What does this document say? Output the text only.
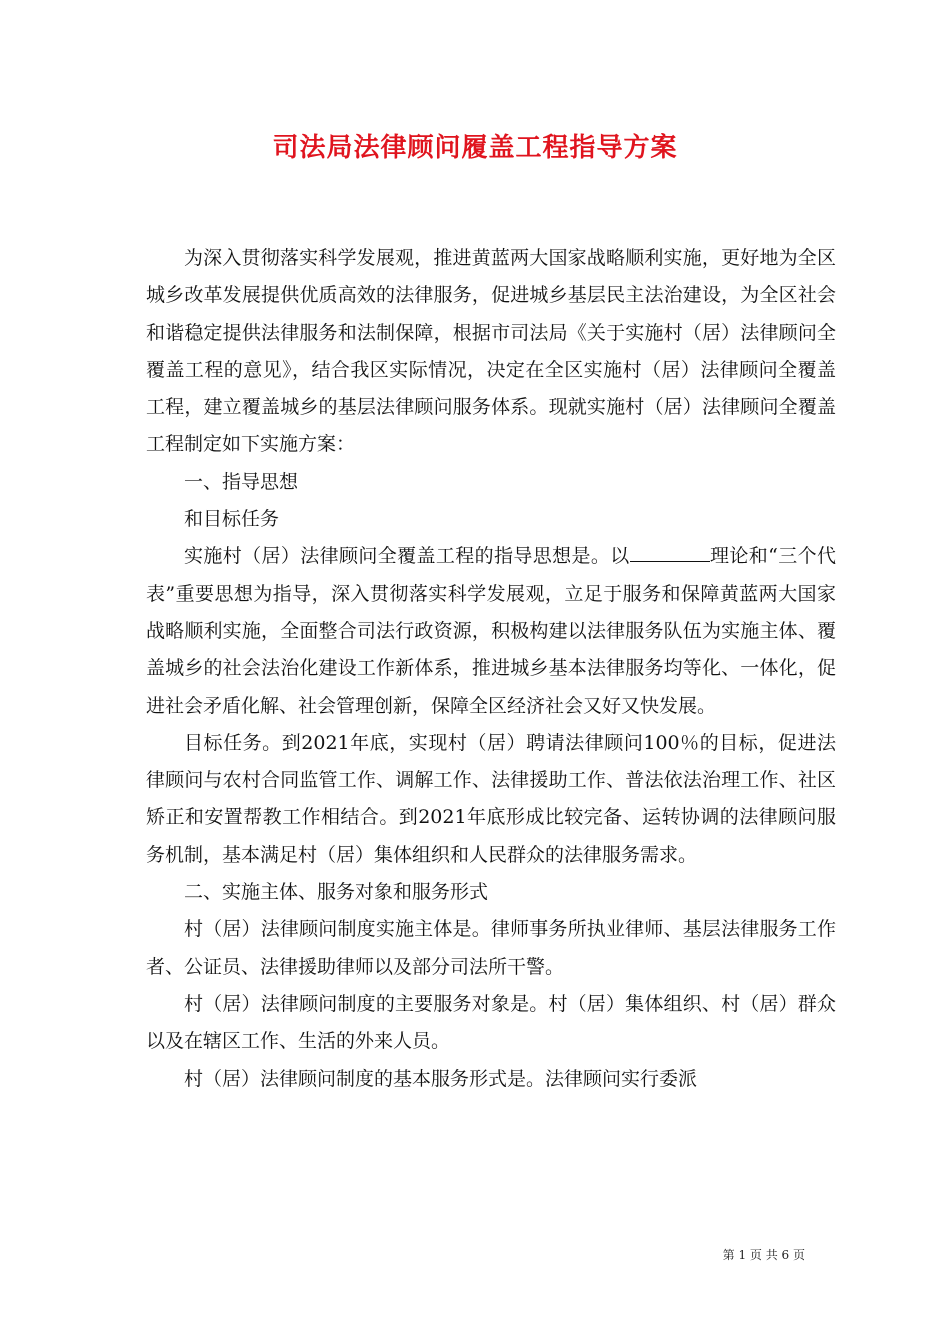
司法局法律顾问履盖工程指导方案

为深入贯彻落实科学发展观，推进黄蓝两大国家战略顺利实施，更好地为全区城乡改革发展提供优质高效的法律服务，促进城乡基层民主法治建设，为全区社会和谐稳定提供法律服务和法制保障，根据市司法局《关于实施村（居）法律顾问全覆盖工程的意见》，结合我区实际情况，决定在全区实施村（居）法律顾问全覆盖工程，建立覆盖城乡的基层法律顾问服务体系。现就实施村（居）法律顾问全覆盖工程制定如下实施方案：

一、指导思想

和目标任务

实施村（居）法律顾问全覆盖工程的指导思想是。以	理论和“三个代表”重要思想为指导，深入贯彻落实科学发展观，立足于服务和保障黄蓝两大国家战略顺利实施，全面整合司法行政资源，积极构建以法律服务队伍为实施主体、覆盖城乡的社会法治化建设工作新体系，推进城乡基本法律服务均等化、一体化，促进社会矛盾化解、社会管理创新，保障全区经济社会又好又快发展。

目标任务。到2021年底，实现村（居）聘请法律顾问100％的目标，促进法律顾问与农村合同监管工作、调解工作、法律援助工作、普法依法治理工作、社区矫正和安置帮教工作相结合。到2021年底形成比较完备、运转协调的法律顾问服务机制，基本满足村（居）集体组织和人民群众的法律服务需求。

二、实施主体、服务对象和服务形式

村（居）法律顾问制度实施主体是。律师事务所执业律师、基层法律服务工作者、公证员、法律援助律师以及部分司法所干警。

村（居）法律顾问制度的主要服务对象是。村（居）集体组织、村（居）群众以及在辖区工作、生活的外来人员。

村（居）法律顾问制度的基本服务形式是。法律顾问实行委派

第 1 页 共 6 页
